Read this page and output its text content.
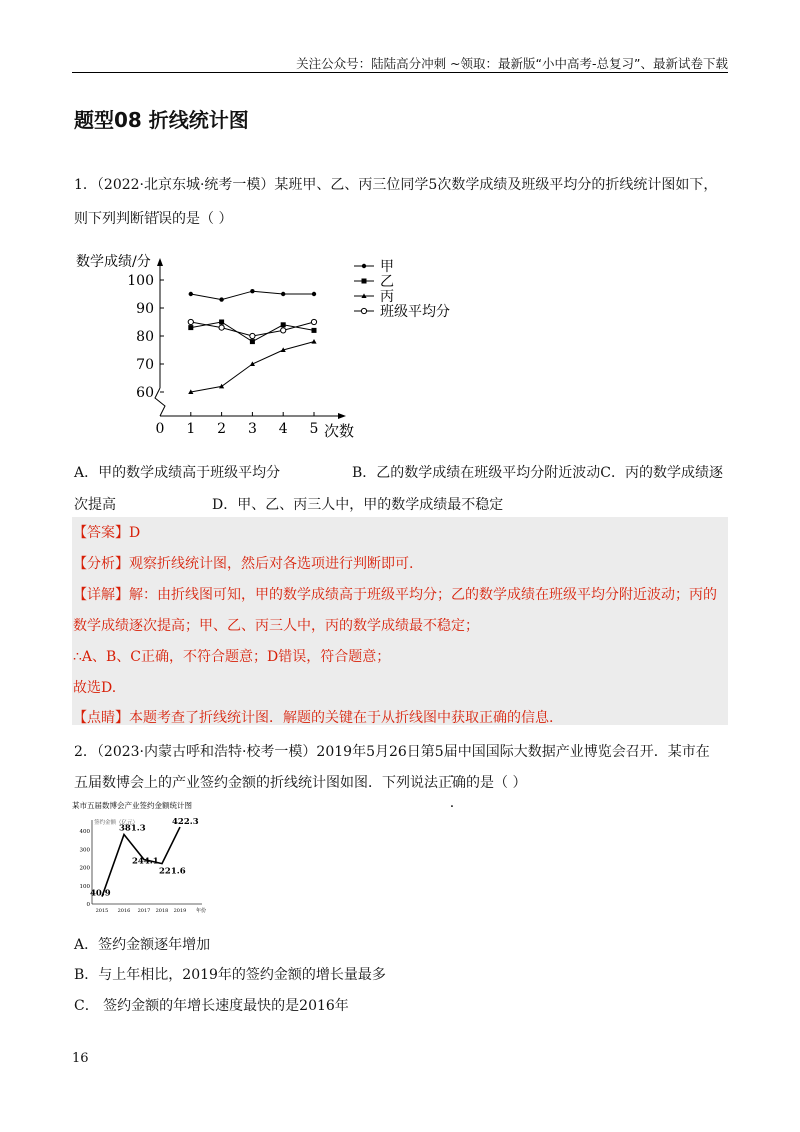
关注公众号：陆陆高分冲刺 ~领取：最新版“小中高考-总复习”、最新试卷下载
题型08 折线统计图
1．（2022·北京东城·统考一模）某班甲、乙、丙三位同学5次数学成绩及班级平均分的折线统计图如下，
则下列判断错误的是（ ）
数学成绩/分
次数
100
90
80
70
60
0 1 2 3 4 5
甲
乙
丙
班级平均分
A．甲的数学成绩高于班级平均分	B．乙的数学成绩在班级平均分附近波动C．丙的数学成绩逐
次提高	D．甲、乙、丙三人中，甲的数学成绩最不稳定
【答案】D
【分析】观察折线统计图，然后对各选项进行判断即可.
【详解】解：由折线图可知，甲的数学成绩高于班级平均分；乙的数学成绩在班级平均分附近波动；丙的
数学成绩逐次提高；甲、乙、丙三人中，丙的数学成绩最不稳定；
∴A、B、C正确，不符合题意；D错误，符合题意；
故选D.
【点睛】本题考查了折线统计图．解题的关键在于从折线图中获取正确的信息.
2．（2023·内蒙古呼和浩特·校考一模）2019年5月26日第5届中国国际大数据产业博览会召开．某市在
五届数博会上的产业签约金额的折线统计图如图．下列说法正确的是（ ）
某市五届数博会产业签约金额统计图
签约金额（亿元）
400
300
200
100
0
2015 2016 2017 2018 2019 年份
40.9
381.3
244.1
221.6
422.3
A．签约金额逐年增加
B．与上年相比，2019年的签约金额的增长量最多
C． 签约金额的年增长速度最快的是2016年
16
